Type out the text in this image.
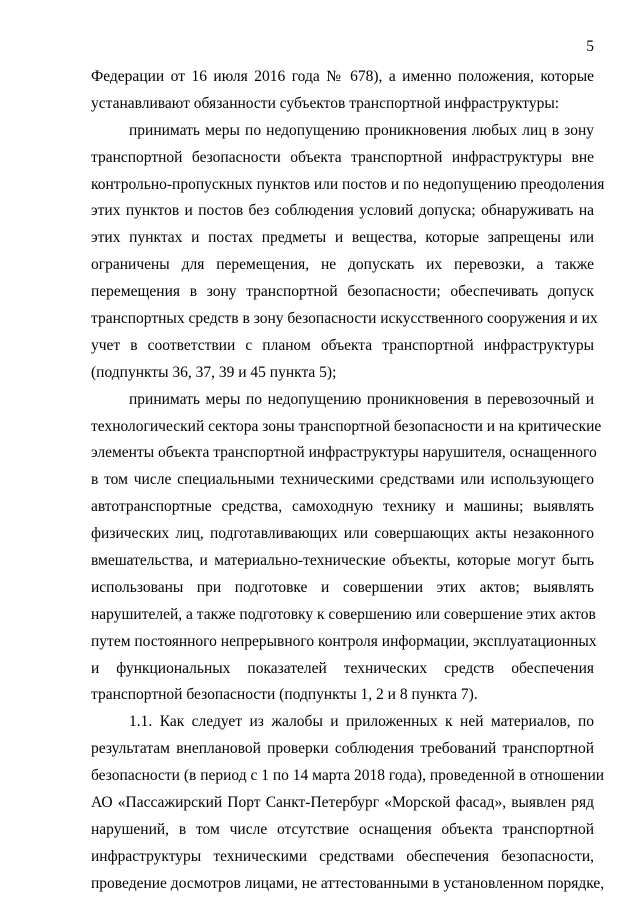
5
Федерации от 16 июля 2016 года № 678), а именно положения, которые
устанавливают обязанности субъектов транспортной инфраструктуры:
принимать меры по недопущению проникновения любых лиц в зону
транспортной безопасности объекта транспортной инфраструктуры вне
контрольно-пропускных пунктов или постов и по недопущению преодоления
этих пунктов и постов без соблюдения условий допуска; обнаруживать на
этих пунктах и постах предметы и вещества, которые запрещены или
ограничены для перемещения, не допускать их перевозки, а также
перемещения в зону транспортной безопасности; обеспечивать допуск
транспортных средств в зону безопасности искусственного сооружения и их
учет в соответствии с планом объекта транспортной инфраструктуры
(подпункты 36, 37, 39 и 45 пункта 5);
принимать меры по недопущению проникновения в перевозочный и
технологический сектора зоны транспортной безопасности и на критические
элементы объекта транспортной инфраструктуры нарушителя, оснащенного
в том числе специальными техническими средствами или использующего
автотранспортные средства, самоходную технику и машины; выявлять
физических лиц, подготавливающих или совершающих акты незаконного
вмешательства, и материально-технические объекты, которые могут быть
использованы при подготовке и совершении этих актов; выявлять
нарушителей, а также подготовку к совершению или совершение этих актов
путем постоянного непрерывного контроля информации, эксплуатационных
и функциональных показателей технических средств обеспечения
транспортной безопасности (подпункты 1, 2 и 8 пункта 7).
1.1. Как следует из жалобы и приложенных к ней материалов, по
результатам внеплановой проверки соблюдения требований транспортной
безопасности (в период с 1 по 14 марта 2018 года), проведенной в отношении
АО «Пассажирский Порт Санкт-Петербург «Морской фасад», выявлен ряд
нарушений, в том числе отсутствие оснащения объекта транспортной
инфраструктуры техническими средствами обеспечения безопасности,
проведение досмотров лицами, не аттестованными в установленном порядке,
